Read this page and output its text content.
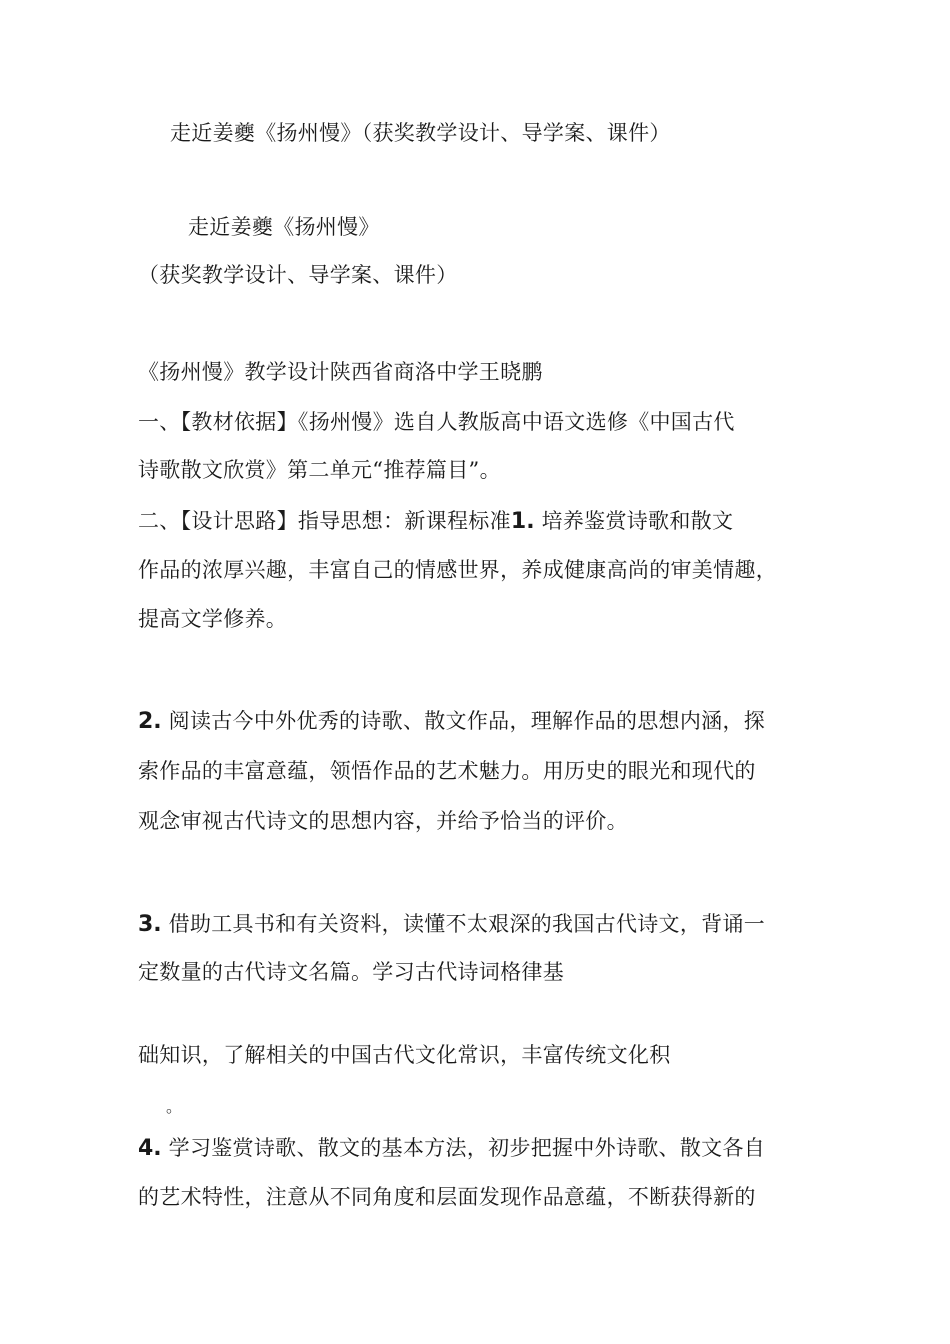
走近姜夔《扬州慢》（获奖教学设计、导学案、课件）
走近姜夔《扬州慢》
（获奖教学设计、导学案、课件）
《扬州慢》教学设计陕西省商洛中学王晓鹏
一、【教材依据】《扬州慢》选自人教版高中语文选修《中国古代
诗歌散文欣赏》第二单元“推荐篇目”。
二、【设计思路】指导思想：新课程标准1. 培养鉴赏诗歌和散文
作品的浓厚兴趣，丰富自己的情感世界，养成健康高尚的审美情趣，
提高文学修养。
2. 阅读古今中外优秀的诗歌、散文作品，理解作品的思想内涵，探
索作品的丰富意蕴，领悟作品的艺术魅力。用历史的眼光和现代的
观念审视古代诗文的思想内容，并给予恰当的评价。
3. 借助工具书和有关资料，读懂不太艰深的我国古代诗文，背诵一
定数量的古代诗文名篇。学习古代诗词格律基
础知识，了解相关的中国古代文化常识，丰富传统文化积
。
4. 学习鉴赏诗歌、散文的基本方法，初步把握中外诗歌、散文各自
的艺术特性，注意从不同角度和层面发现作品意蕴，不断获得新的
